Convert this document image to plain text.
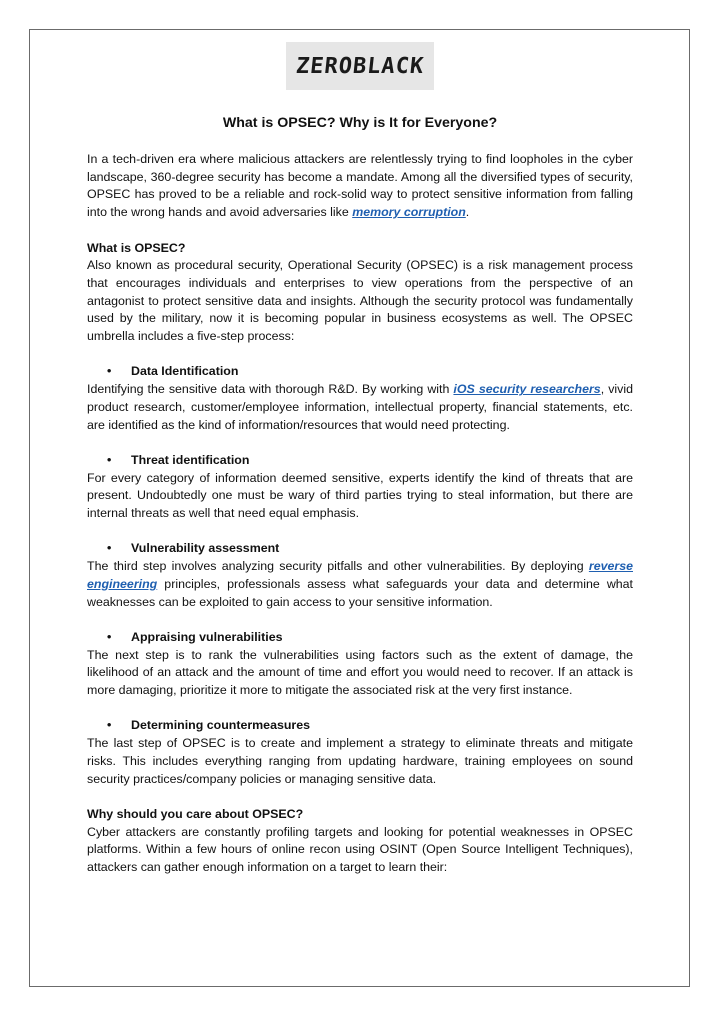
ZEROBLACK
What is OPSEC? Why is It for Everyone?

In a tech-driven era where malicious attackers are relentlessly trying to find loopholes in the cyber landscape, 360-degree security has become a mandate. Among all the diversified types of security, OPSEC has proved to be a reliable and rock-solid way to protect sensitive information from falling into the wrong hands and avoid adversaries like memory corruption.

What is OPSEC?

Also known as procedural security, Operational Security (OPSEC) is a risk management process that encourages individuals and enterprises to view operations from the perspective of an antagonist to protect sensitive data and insights. Although the security protocol was fundamentally used by the military, now it is becoming popular in business ecosystems as well. The OPSEC umbrella includes a five-step process:

•	Data Identification

Identifying the sensitive data with thorough R&D. By working with iOS security researchers, vivid product research, customer/employee information, intellectual property, financial statements, etc. are identified as the kind of information/resources that would need protecting.

•	Threat identification

For every category of information deemed sensitive, experts identify the kind of threats that are present. Undoubtedly one must be wary of third parties trying to steal information, but there are internal threats as well that need equal emphasis.

•	Vulnerability assessment

The third step involves analyzing security pitfalls and other vulnerabilities. By deploying reverse engineering principles, professionals assess what safeguards your data and determine what weaknesses can be exploited to gain access to your sensitive information.

•	Appraising vulnerabilities

The next step is to rank the vulnerabilities using factors such as the extent of damage, the likelihood of an attack and the amount of time and effort you would need to recover. If an attack is more damaging, prioritize it more to mitigate the associated risk at the very first instance.

•	Determining countermeasures

The last step of OPSEC is to create and implement a strategy to eliminate threats and mitigate risks. This includes everything ranging from updating hardware, training employees on sound security practices/company policies or managing sensitive data.

Why should you care about OPSEC?

Cyber attackers are constantly profiling targets and looking for potential weaknesses in OPSEC platforms. Within a few hours of online recon using OSINT (Open Source Intelligent Techniques), attackers can gather enough information on a target to learn their:
